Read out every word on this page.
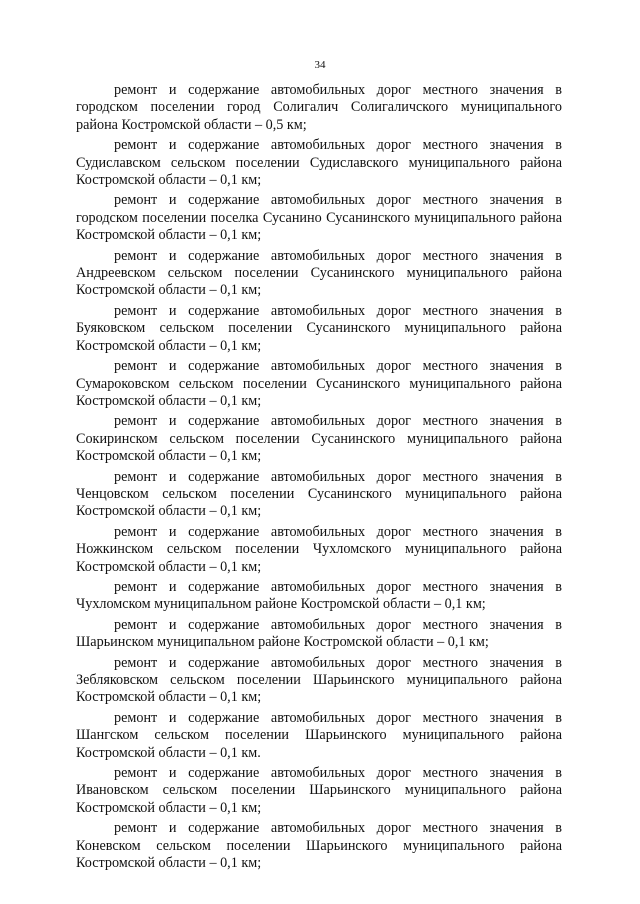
34

ремонт и содержание автомобильных дорог местного значения в городском поселении город Солигалич Солигаличского муниципального района Костромской области – 0,5 км;

ремонт и содержание автомобильных дорог местного значения в Судиславском сельском поселении Судиславского муниципального района Костромской области – 0,1 км;

ремонт и содержание автомобильных дорог местного значения в городском поселении поселка Сусанино Сусанинского муниципального района Костромской области – 0,1 км;

ремонт и содержание автомобильных дорог местного значения в Андреевском сельском поселении Сусанинского муниципального района Костромской области – 0,1 км;

ремонт и содержание автомобильных дорог местного значения в Буяковском сельском поселении Сусанинского муниципального района Костромской области – 0,1 км;

ремонт и содержание автомобильных дорог местного значения в Сумароковском сельском поселении Сусанинского муниципального района Костромской области – 0,1 км;

ремонт и содержание автомобильных дорог местного значения в Сокиринском сельском поселении Сусанинского муниципального района Костромской области – 0,1 км;

ремонт и содержание автомобильных дорог местного значения в Ченцовском сельском поселении Сусанинского муниципального района Костромской области – 0,1 км;

ремонт и содержание автомобильных дорог местного значения в Ножкинском сельском поселении Чухломского муниципального района Костромской области – 0,1 км;

ремонт и содержание автомобильных дорог местного значения в Чухломском муниципальном районе Костромской области – 0,1 км;

ремонт и содержание автомобильных дорог местного значения в Шарьинском муниципальном районе Костромской области – 0,1 км;

ремонт и содержание автомобильных дорог местного значения в Зебляковском сельском поселении Шарьинского муниципального района Костромской области – 0,1 км;

ремонт и содержание автомобильных дорог местного значения в Шангском сельском поселении Шарьинского муниципального района Костромской области – 0,1 км.

ремонт и содержание автомобильных дорог местного значения в Ивановском сельском поселении Шарьинского муниципального района Костромской области – 0,1 км;

ремонт и содержание автомобильных дорог местного значения в Коневском сельском поселении Шарьинского муниципального района Костромской области – 0,1 км;
